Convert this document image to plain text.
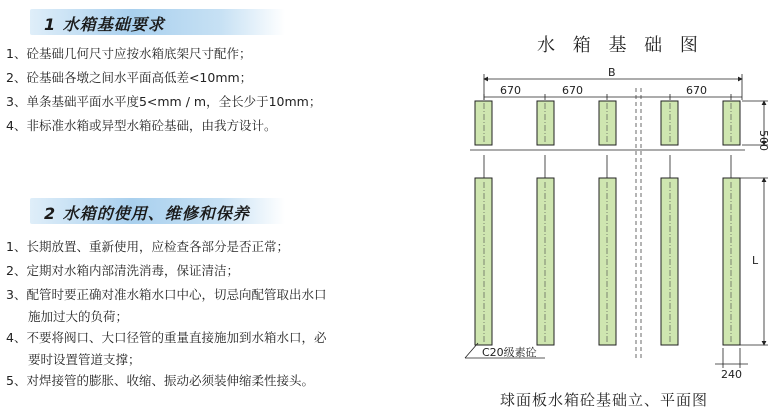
1 水箱基础要求
1、砼基础几何尺寸应按水箱底架尺寸配作；
2、砼基础各墩之间水平面高低差<10mm；
3、单条基础平面水平度5<mm / m，全长少于10mm；
4、非标准水箱或异型水箱砼基础，由我方设计。
2 水箱的使用、维修和保养
1、长期放置、重新使用，应检查各部分是否正常；
2、定期对水箱内部清洗消毒，保证清洁；
3、配管时要正确对准水箱水口中心，切忌向配管取出水口
施加过大的负荷；
4、不要将阀口、大口径管的重量直接施加到水箱水口，必
要时设置管道支撑；
5、对焊接管的膨胀、收缩、振动必须装伸缩柔性接头。
水 箱 基 础 图
B
670	670	670
500
L
C20级素砼
240
球面板水箱砼基础立、平面图
